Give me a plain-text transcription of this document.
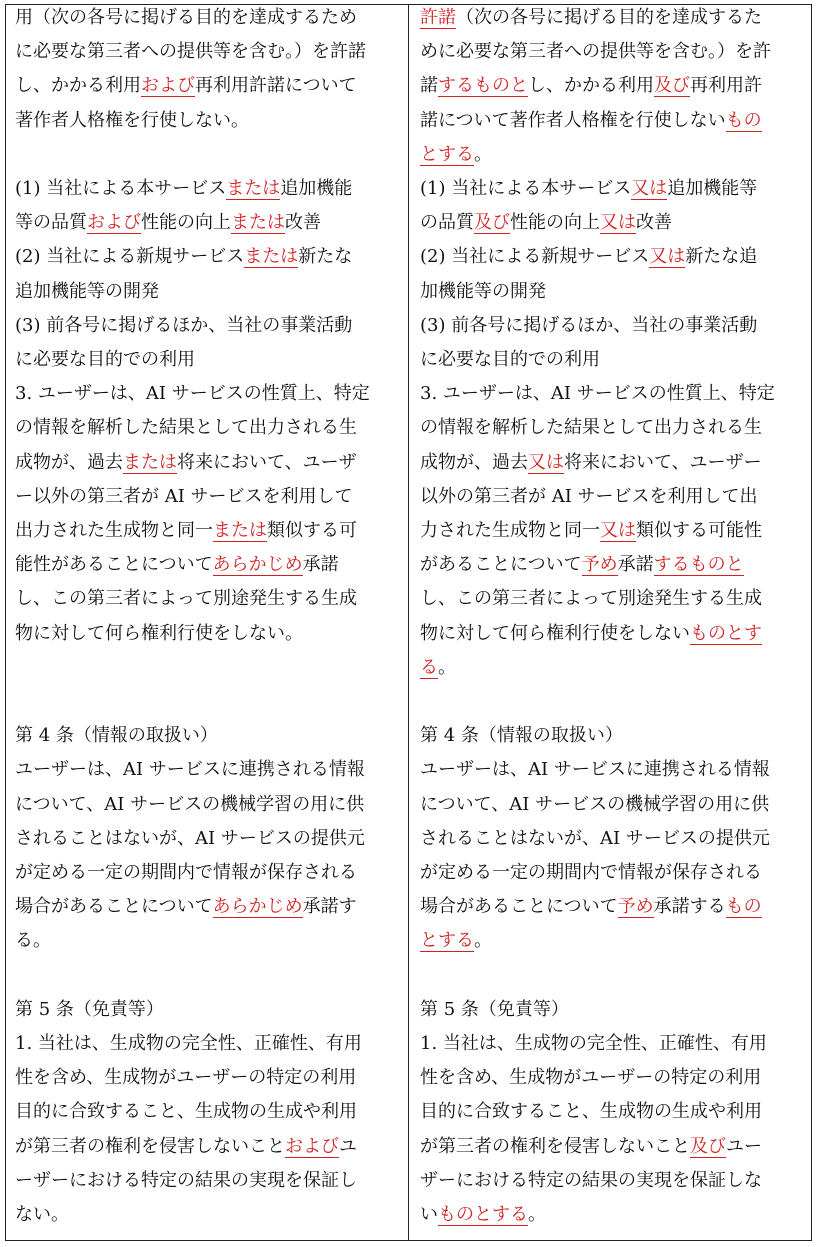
用（次の各号に掲げる目的を達成するため
に必要な第三者への提供等を含む。）を許諾
し、かかる利用および再利用許諾について
著作者人格権を行使しない。
(1) 当社による本サービスまたは追加機能
等の品質および性能の向上または改善
(2) 当社による新規サービスまたは新たな
追加機能等の開発
(3) 前各号に掲げるほか、当社の事業活動
に必要な目的での利用
3. ユーザーは、AI サービスの性質上、特定
の情報を解析した結果として出力される生
成物が、過去または将来において、ユーザ
ー以外の第三者が AI サービスを利用して
出力された生成物と同一または類似する可
能性があることについてあらかじめ承諾
し、この第三者によって別途発生する生成
物に対して何ら権利行使をしない。
第 4 条（情報の取扱い）
ユーザーは、AI サービスに連携される情報
について、AI サービスの機械学習の用に供
されることはないが、AI サービスの提供元
が定める一定の期間内で情報が保存される
場合があることについてあらかじめ承諾す
る。
第 5 条（免責等）
1. 当社は、生成物の完全性、正確性、有用
性を含め、生成物がユーザーの特定の利用
目的に合致すること、生成物の生成や利用
が第三者の権利を侵害しないことおよびユ
ーザーにおける特定の結果の実現を保証し
ない。
許諾（次の各号に掲げる目的を達成するた
めに必要な第三者への提供等を含む。）を許
諾するものとし、かかる利用及び再利用許
諾について著作者人格権を行使しないもの
とする。
(1) 当社による本サービス又は追加機能等
の品質及び性能の向上又は改善
(2) 当社による新規サービス又は新たな追
加機能等の開発
(3) 前各号に掲げるほか、当社の事業活動
に必要な目的での利用
3. ユーザーは、AI サービスの性質上、特定
の情報を解析した結果として出力される生
成物が、過去又は将来において、ユーザー
以外の第三者が AI サービスを利用して出
力された生成物と同一又は類似する可能性
があることについて予め承諾するものと
し、この第三者によって別途発生する生成
物に対して何ら権利行使をしないものとす
る。
第 4 条（情報の取扱い）
ユーザーは、AI サービスに連携される情報
について、AI サービスの機械学習の用に供
されることはないが、AI サービスの提供元
が定める一定の期間内で情報が保存される
場合があることについて予め承諾するもの
とする。
第 5 条（免責等）
1. 当社は、生成物の完全性、正確性、有用
性を含め、生成物がユーザーの特定の利用
目的に合致すること、生成物の生成や利用
が第三者の権利を侵害しないこと及びユー
ザーにおける特定の結果の実現を保証しな
いものとする。
